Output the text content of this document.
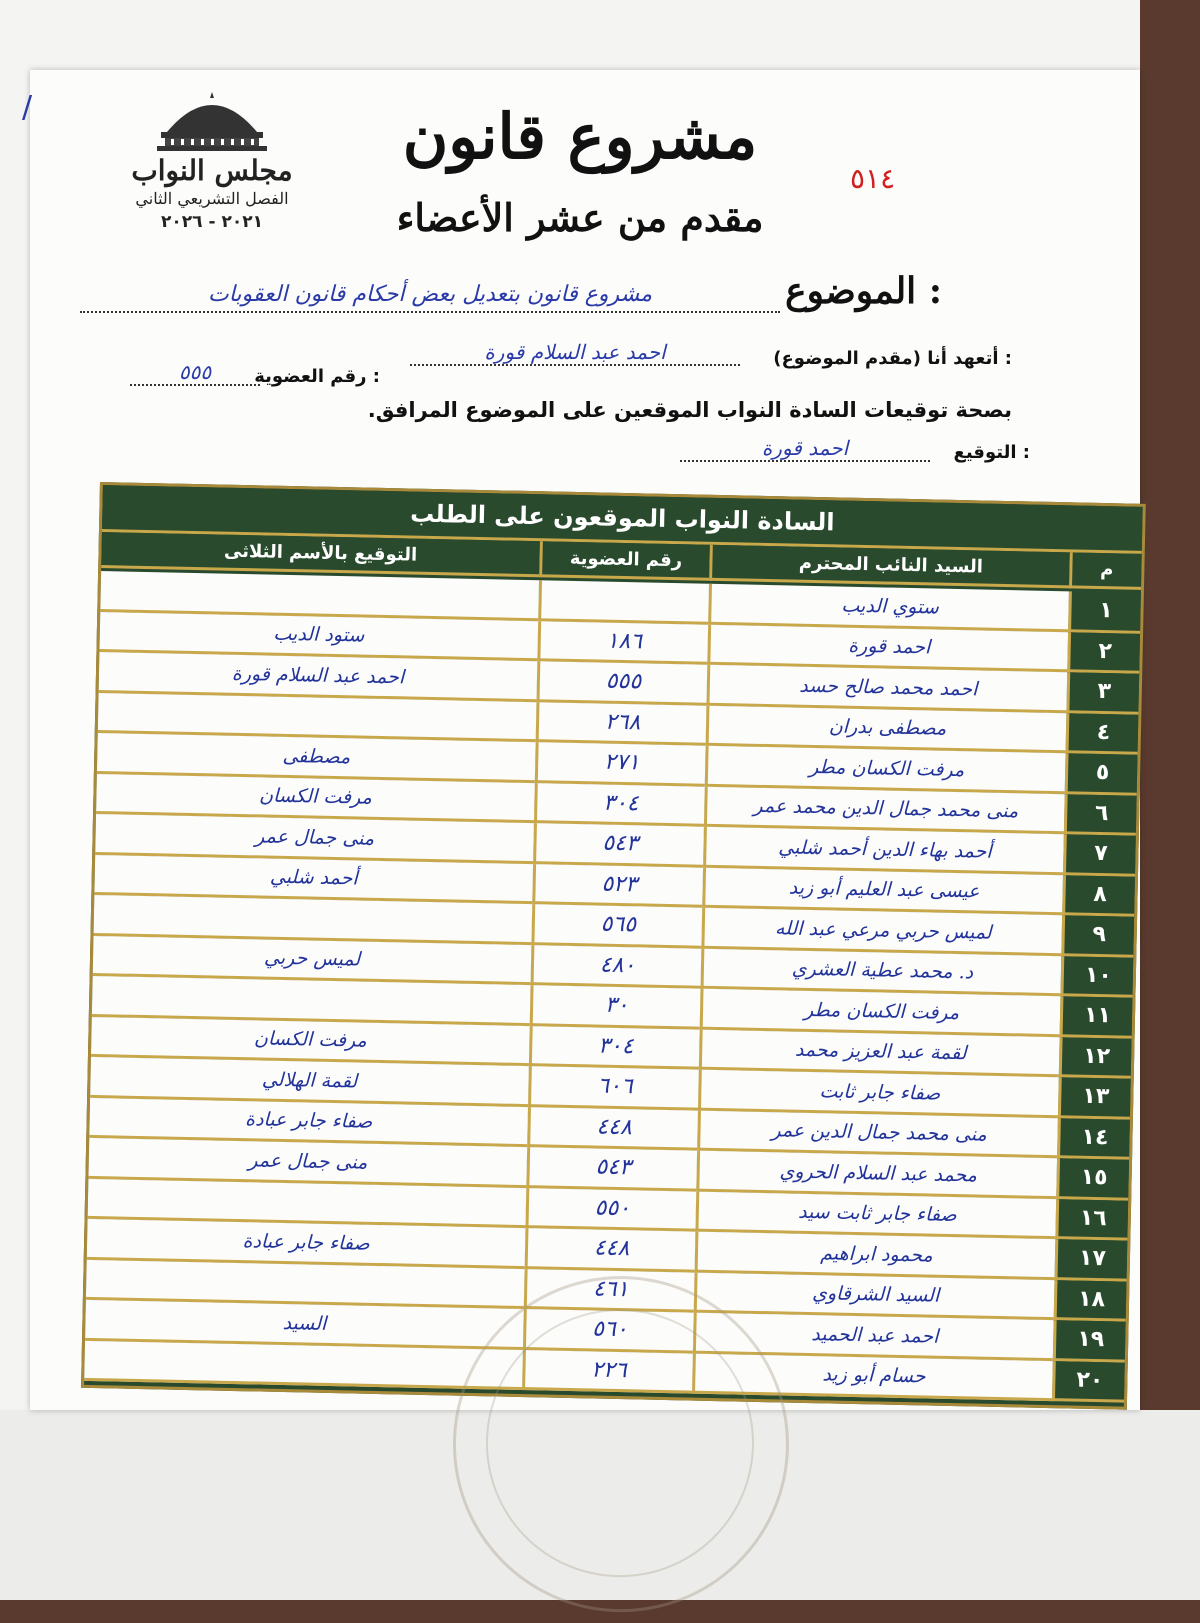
مجلس النواب
الفصل التشريعي الثاني
٢٠٢١ - ٢٠٢٦
مشروع قانون
مقدم من عشر الأعضاء
٥١٤
/
الموضوع :
مشروع قانون بتعديل بعض أحكام قانون العقوبات
أتعهد أنا (مقدم الموضوع) :
احمد عبد السلام قورة
رقم العضوية :
٥٥٥
بصحة توقيعات السادة النواب الموقعين على الموضوع المرافق.
التوقيع :
احمد قورة
السادة النواب الموقعون على الطلب
م
السيد النائب المحترم
رقم العضوية
التوقيع بالأسم الثلاثى
١
ستوي الديب
٢
احمد قورة
١٨٦
ستود الديب
٣
احمد محمد صالح حسد
٥٥٥
احمد عبد السلام قورة
٤
مصطفى بدران
٢٦٨
٥
مرفت الكسان مطر
٢٧١
مصطفى
٦
منى محمد جمال الدين محمد عمر
٣٠٤
مرفت الكسان
٧
أحمد بهاء الدين أحمد شلبي
٥٤٣
منى جمال عمر
٨
عيسى عبد العليم أبو زيد
٥٢٣
أحمد شلبي
٩
لميس حربي مرعي عبد الله
٥٦٥
١٠
د. محمد عطية العشري
٤٨٠
لميس حربي
١١
مرفت الكسان مطر
٣٠
١٢
لقمة عبد العزيز محمد
٣٠٤
مرفت الكسان
١٣
صفاء جابر ثابت
٦٠٦
لقمة الهلالي
١٤
منى محمد جمال الدين عمر
٤٤٨
صفاء جابر عبادة
١٥
محمد عبد السلام الحروي
٥٤٣
منى جمال عمر
١٦
صفاء جابر ثابت سيد
٥٥٠
١٧
محمود ابراهيم
٤٤٨
صفاء جابر عبادة
١٨
السيد الشرقاوي
٤٦١
١٩
احمد عبد الحميد
٥٦٠
السيد
٢٠
حسام أبو زيد
٢٢٦
